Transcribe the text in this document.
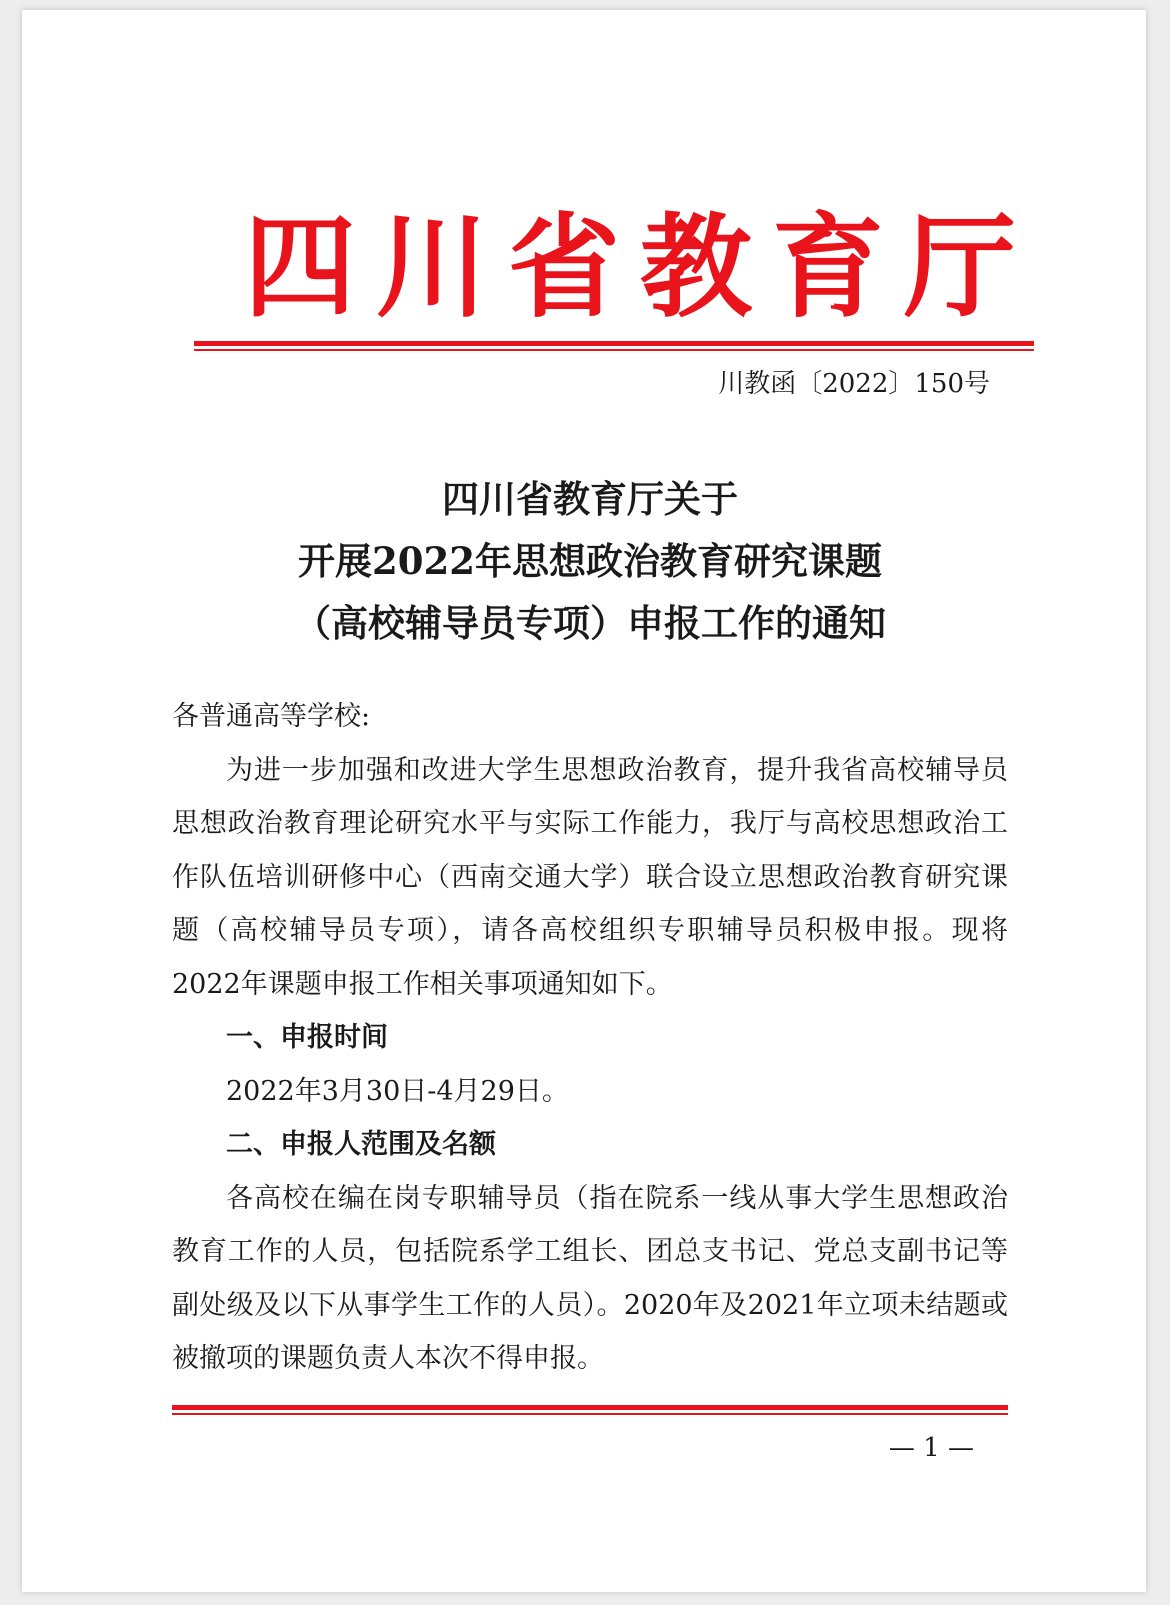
四川省教育厅
川教函〔2022〕150号
四川省教育厅关于
开展2022年思想政治教育研究课题
（高校辅导员专项）申报工作的通知

各普通高等学校:

为进一步加强和改进大学生思想政治教育，提升我省高校辅导员思想政治教育理论研究水平与实际工作能力，我厅与高校思想政治工作队伍培训研修中心（西南交通大学）联合设立思想政治教育研究课题（高校辅导员专项），请各高校组织专职辅导员积极申报。现将2022年课题申报工作相关事项通知如下。

一、申报时间

2022年3月30日-4月29日。

二、申报人范围及名额

各高校在编在岗专职辅导员（指在院系一线从事大学生思想政治教育工作的人员，包括院系学工组长、团总支书记、党总支副书记等副处级及以下从事学生工作的人员）。2020年及2021年立项未结题或被撤项的课题负责人本次不得申报。

— 1 —
